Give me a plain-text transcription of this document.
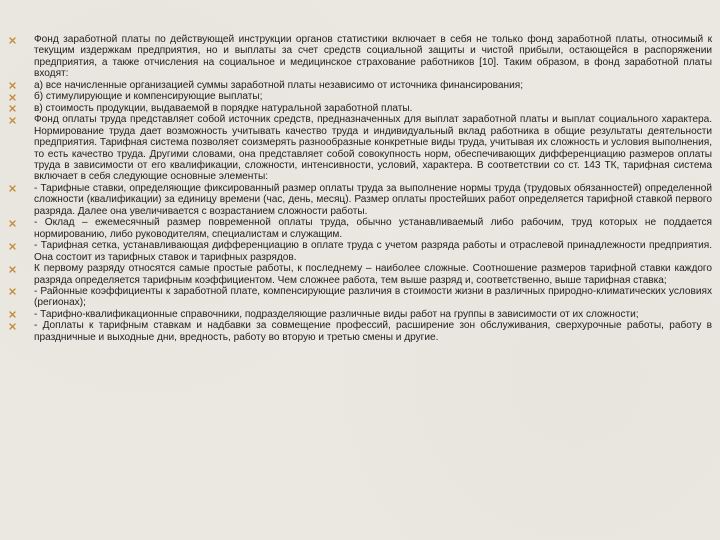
Фонд заработной платы по действующей инструкции органов статистики включает в себя не только фонд заработной платы, относимый к текущим издержкам предприятия, но и выплаты за счет средств социальной защиты и чистой прибыли, остающейся в распоряжении предприятия, а также отчисления на социальное и медицинское страхование работников [10]. Таким образом, в фонд заработной платы входят:
а) все начисленные организацией суммы заработной платы независимо от источника финансирования;
б) стимулирующие и компенсирующие выплаты;
в) стоимость продукции, выдаваемой в порядке натуральной заработной платы.
Фонд оплаты труда представляет собой источник средств, предназначенных для выплат заработной платы и выплат социального характера. Нормирование труда дает возможность учитывать качество труда и индивидуальный вклад работника в общие результаты деятельности предприятия. Тарифная система позволяет соизмерять разнообразные конкретные виды труда, учитывая их сложность и условия выполнения, то есть качество труда. Другими словами, она представляет собой совокупность норм, обеспечивающих дифференциацию размеров оплаты труда в зависимости от его квалификации, сложности, интенсивности, условий, характера. В соответствии со ст. 143 ТК, тарифная система включает в себя следующие основные элементы:
- Тарифные ставки, определяющие фиксированный размер оплаты труда за выполнение нормы труда (трудовых обязанностей) определенной сложности (квалификации) за единицу времени (час, день, месяц). Размер оплаты простейших работ определяется тарифной ставкой первого разряда. Далее она увеличивается с возрастанием сложности работы.
- Оклад – ежемесячный размер повременной оплаты труда, обычно устанавливаемый либо рабочим, труд которых не поддается нормированию, либо руководителям, специалистам и служащим.
- Тарифная сетка, устанавливающая дифференциацию в оплате труда с учетом разряда работы и отраслевой принадлежности предприятия. Она состоит из тарифных ставок и тарифных разрядов.
К первому разряду относятся самые простые работы, к последнему – наиболее сложные. Соотношение размеров тарифной ставки каждого разряда определяется тарифным коэффициентом. Чем сложнее работа, тем выше разряд и, соответственно, выше тарифная ставка;
- Районные коэффициенты к заработной плате, компенсирующие различия в стоимости жизни в различных природно-климатических условиях (регионах);
- Тарифно-квалификационные справочники, подразделяющие различные виды работ на группы в зависимости от их сложности;
- Доплаты к тарифным ставкам и надбавки за совмещение профессий, расширение зон обслуживания, сверхурочные работы, работу в праздничные и выходные дни, вредность, работу во вторую и третью смены и другие.
